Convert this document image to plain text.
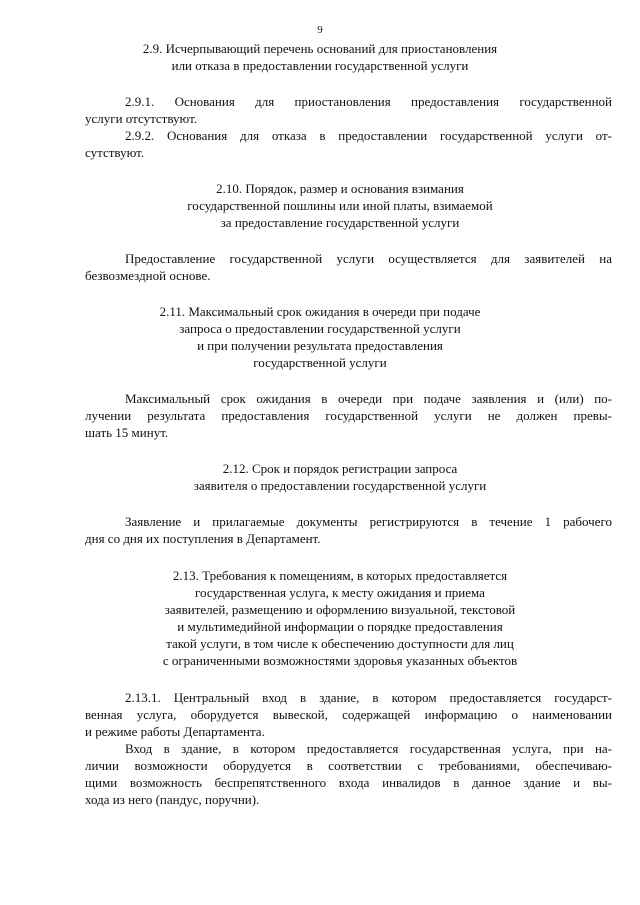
9
2.9. Исчерпывающий перечень оснований для приостановления
или отказа в предоставлении государственной услуги
2.9.1. Основания для приостановления предоставления государственной
услуги отсутствуют.
2.9.2. Основания для отказа в предоставлении государственной услуги от-
сутствуют.
2.10. Порядок, размер и основания взимания
государственной пошлины или иной платы, взимаемой
за предоставление государственной услуги
Предоставление государственной услуги осуществляется для заявителей на
безвозмездной основе.
2.11. Максимальный срок ожидания в очереди при подаче
запроса о предоставлении государственной услуги
и при получении результата предоставления
государственной услуги
Максимальный срок ожидания в очереди при подаче заявления и (или) по-
лучении результата предоставления государственной услуги не должен превы-
шать 15 минут.
2.12. Срок и порядок регистрации запроса
заявителя о предоставлении государственной услуги
Заявление и прилагаемые документы регистрируются в течение 1 рабочего
дня со дня их поступления в Департамент.
2.13. Требования к помещениям, в которых предоставляется
государственная услуга, к месту ожидания и приема
заявителей, размещению и оформлению визуальной, текстовой
и мультимедийной информации о порядке предоставления
такой услуги, в том числе к обеспечению доступности для лиц
с ограниченными возможностями здоровья указанных объектов
2.13.1. Центральный вход в здание, в котором предоставляется государст-
венная услуга, оборудуется вывеской, содержащей информацию о наименовании
и режиме работы Департамента.
Вход в здание, в котором предоставляется государственная услуга, при на-
личии возможности оборудуется в соответствии с требованиями, обеспечиваю-
щими возможность беспрепятственного входа инвалидов в данное здание и вы-
хода из него (пандус, поручни).
